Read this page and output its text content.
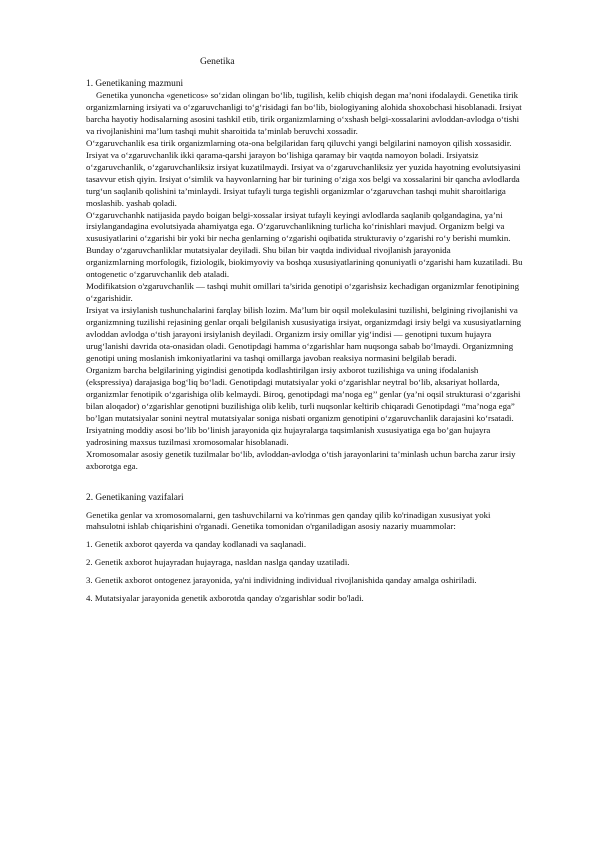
Genetika

1. Genetikaning mazmuni

Genetika yunoncha «geneticos» so‘zidan olingan bo‘lib, tugilish, kelib chiqish degan ma’noni ifodalaydi. Genetika tirik organizmlarning irsiyati va o‘zgaruvchanligi to‘g‘risidagi fan bo‘lib, biologiyaning alohida shoxobchasi hisoblanadi. Irsiyat barcha hayotiy hodisalarning asosini tashkil etib, tirik organizmlarning o‘xshash belgi-xossalarini avloddan-avlodga o‘tishi va rivojlanishini ma’lum tashqi muhit sharoitida ta’minlab beruvchi xossadir.

O‘zgaruvchanlik esa tirik organizmlarning ota-ona belgilaridan farq qiluvchi yangi belgilarini namoyon qilish xossasidir.

Irsiyat va o‘zgaruvchanlik ikki qarama-qarshi jarayon bo‘lishiga qaramay bir vaqtda namoyon boladi. Irsiyatsiz o‘zgaruvchanlik, o‘zgaruvchanliksiz irsiyat kuzatilmaydi. Irsiyat va o‘zgaruvchanliksiz yer yuzida hayotning evolutsiyasini tasavvur etish qiyin. Irsiyat o‘simlik va hayvonlarning har bir turining o‘ziga xos belgi va xossalarini bir qancha avlodlarda turg‘un saqlanib qolishini ta’minlaydi. Irsiyat tufayli turga tegishli organizmlar o‘zgaruvchan tashqi muhit sharoitlariga moslashib. yashab qoladi.

O‘zgaruvchanhk natijasida paydo boigan belgi-xossalar irsiyat tufayli keyingi avlodlarda saqlanib qolgandagina, ya’ni irsiylangandagina evolutsiyada ahamiyatga ega. O‘zgaruvchanlikning turlicha ko‘rinishlari mavjud. Organizm belgi va xususiyatlarini o‘zgarishi bir yoki bir necha genlarning o‘zgarishi oqibatida strukturaviy o‘zgarishi ro‘y berishi mumkin. Bunday o‘zgaruvchanliklar mutatsiyalar deyiladi. Shu bilan bir vaqtda individual rivojlanish jarayonida

organizmlarning morfologik, fiziologik, biokimyoviy va boshqa xususiyatlarining qonuniyatli o‘zgarishi ham kuzatiladi. Bu ontogenetic o‘zgaruvchanlik deb ataladi.

Modifikatsion o'zgaruvchanlik — tashqi muhit omillari ta’sirida genotipi o‘zgarishsiz kechadigan organizmlar fenotipining o‘zgarishidir.

Irsiyat va irsiylanish tushunchalarini farqlay bilish lozim. Ma’lum bir oqsil molekulasini tuzilishi, belgining rivojlanishi va organizmning tuzilishi rejasining genlar orqali belgilanish xususiyatiga irsiyat, organizmdagi irsiy belgi va xususiyatlarning avloddan avlodga o‘tish jarayoni irsiylanish deyiladi. Organizm irsiy omillar yig‘indisi — genotipni tuxum hujayra urug‘lanishi davrida ota-onasidan oladi. Genotipdagi hamma o‘zgarishlar ham nuqsonga sabab bo‘lmaydi. Organizmning genotipi uning moslanish imkoniyatlarini va tashqi omillarga javoban reaksiya normasini belgilab beradi.

Organizm barcha belgilarining yigindisi genotipda kodlashtirilgan irsiy axborot tuzilishiga va uning ifodalanish (ekspressiya) darajasiga bog‘liq bo‘ladi. Genotipdagi mutatsiyalar yoki o‘zgarishlar neytral bo‘lib, aksariyat hollarda, organizmlar fenotipik o‘zgarishiga olib kelmaydi. Biroq, genotipdagi ma’noga eg’’ genlar (ya’ni oqsil strukturasi o‘zgarishi bilan aloqador) o‘zgarishlar genotipni buzilishiga olib kelib, turli nuqsonlar keltirib chiqaradi Genotipdagi “ma’noga ega” bo’lgan mutatsiyalar sonini neytral mutatsiyalar soniga nisbati organizm genotipini o‘zgaruvchanlik darajasini ko‘rsatadi. Irsiyatning moddiy asosi bo’lib bo’linish jarayonida qiz hujayralarga taqsimlanish xususiyatiga ega bo’gan hujayra yadrosining maxsus tuzilmasi xromosomalar hisoblanadi.

Xromosomalar asosiy genetik tuzilmalar bo‘lib, avloddan-avlodga o‘tish jarayonlarini ta’minlash uchun barcha zarur irsiy axborotga ega.

2. Genetikaning vazifalari

Genetika genlar va xromosomalarni, gen tashuvchilarni va ko'rinmas gen qanday qilib ko'rinadigan xususiyat yoki mahsulotni ishlab chiqarishini o'rganadi. Genetika tomonidan o'rganiladigan asosiy nazariy muammolar:

1. Genetik axborot qayerda va qanday kodlanadi va saqlanadi.

2. Genetik axborot hujayradan hujayraga, nasldan naslga qanday uzatiladi.

3. Genetik axborot ontogenez jarayonida, ya'ni individning individual rivojlanishida qanday amalga oshiriladi.

4. Mutatsiyalar jarayonida genetik axborotda qanday o'zgarishlar sodir bo'ladi.
